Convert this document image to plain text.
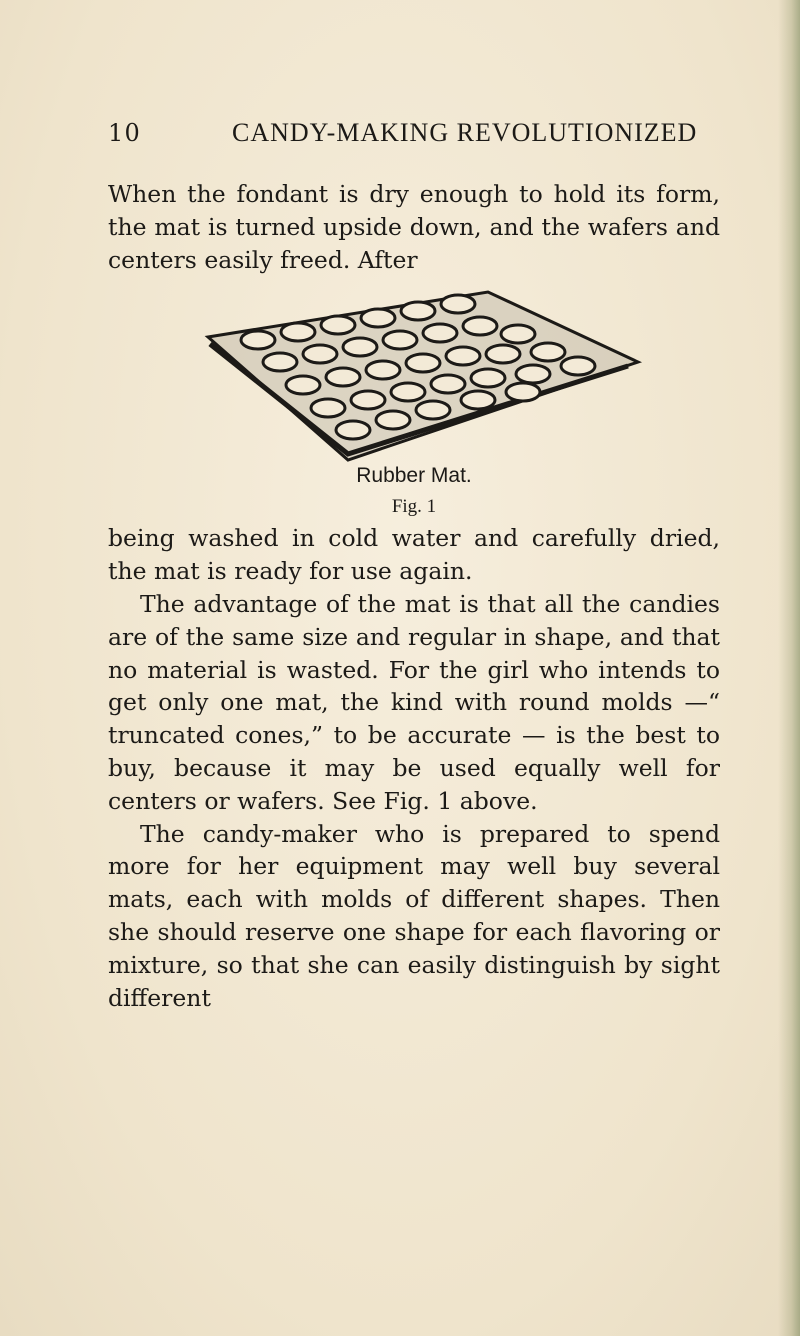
10	CANDY-MAKING REVOLUTIONIZED

When the fondant is dry enough to hold its form, the mat is turned upside down, and the wafers and centers easily freed. After

Rubber Mat.
Fig. 1

being washed in cold water and carefully dried, the mat is ready for use again.

The advantage of the mat is that all the candies are of the same size and regular in shape, and that no material is wasted. For the girl who intends to get only one mat, the kind with round molds —“ truncated cones,” to be accurate — is the best to buy, because it may be used equally well for centers or wafers. See Fig. 1 above.

The candy-maker who is prepared to spend more for her equipment may well buy several mats, each with molds of different shapes. Then she should reserve one shape for each flavoring or mixture, so that she can easily distinguish by sight different
